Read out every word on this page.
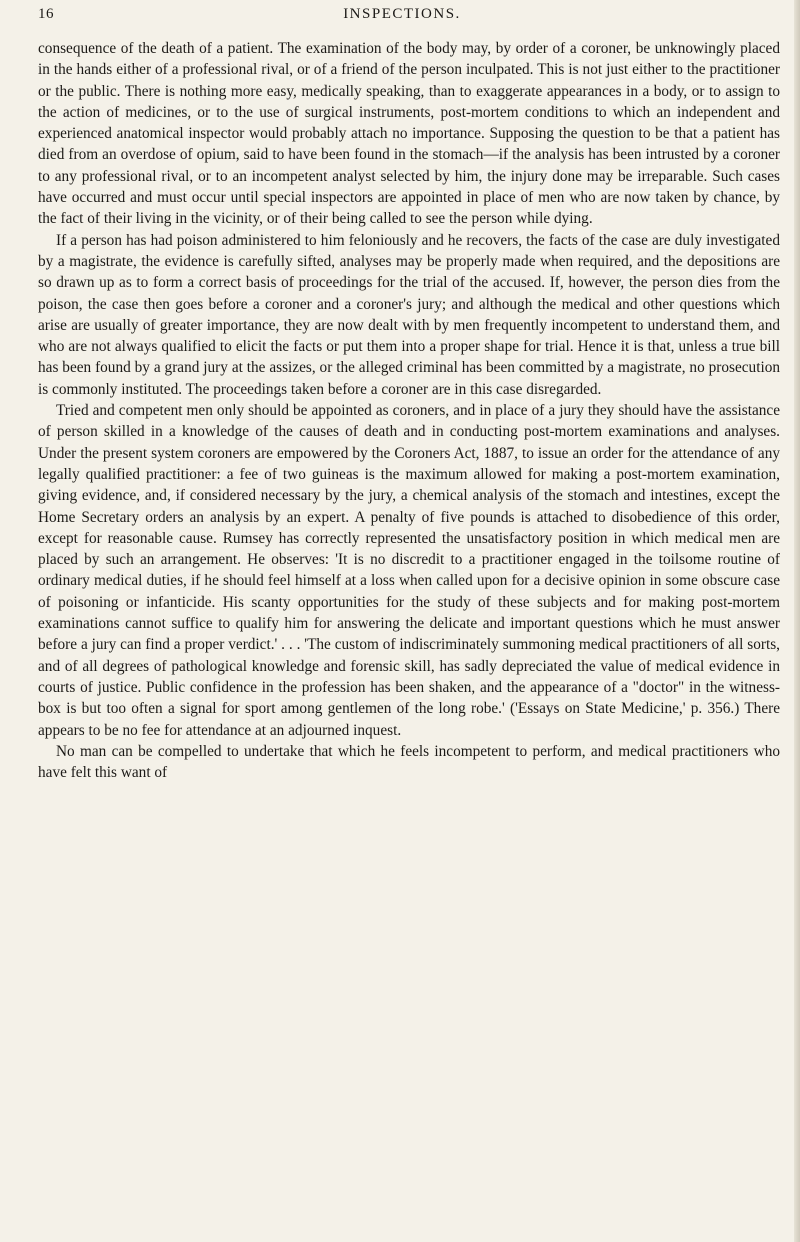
16	INSPECTIONS.

consequence of the death of a patient. The examination of the body may, by order of a coroner, be unknowingly placed in the hands either of a professional rival, or of a friend of the person inculpated. This is not just either to the practitioner or the public. There is nothing more easy, medically speaking, than to exaggerate appearances in a body, or to assign to the action of medicines, or to the use of surgical instruments, post-mortem conditions to which an independent and experienced anatomical inspector would probably attach no importance. Supposing the question to be that a patient has died from an overdose of opium, said to have been found in the stomach—if the analysis has been intrusted by a coroner to any professional rival, or to an incompetent analyst selected by him, the injury done may be irreparable. Such cases have occurred and must occur until special inspectors are appointed in place of men who are now taken by chance, by the fact of their living in the vicinity, or of their being called to see the person while dying.

If a person has had poison administered to him feloniously and he recovers, the facts of the case are duly investigated by a magistrate, the evidence is carefully sifted, analyses may be properly made when required, and the depositions are so drawn up as to form a correct basis of proceedings for the trial of the accused. If, however, the person dies from the poison, the case then goes before a coroner and a coroner's jury; and although the medical and other questions which arise are usually of greater importance, they are now dealt with by men frequently incompetent to understand them, and who are not always qualified to elicit the facts or put them into a proper shape for trial. Hence it is that, unless a true bill has been found by a grand jury at the assizes, or the alleged criminal has been committed by a magistrate, no prosecution is commonly instituted. The proceedings taken before a coroner are in this case disregarded.

Tried and competent men only should be appointed as coroners, and in place of a jury they should have the assistance of person skilled in a knowledge of the causes of death and in conducting post-mortem examinations and analyses. Under the present system coroners are empowered by the Coroners Act, 1887, to issue an order for the attendance of any legally qualified practitioner: a fee of two guineas is the maximum allowed for making a post-mortem examination, giving evidence, and, if considered necessary by the jury, a chemical analysis of the stomach and intestines, except the Home Secretary orders an analysis by an expert. A penalty of five pounds is attached to disobedience of this order, except for reasonable cause. Rumsey has correctly represented the unsatisfactory position in which medical men are placed by such an arrangement. He observes: 'It is no discredit to a practitioner engaged in the toilsome routine of ordinary medical duties, if he should feel himself at a loss when called upon for a decisive opinion in some obscure case of poisoning or infanticide. His scanty opportunities for the study of these subjects and for making post-mortem examinations cannot suffice to qualify him for answering the delicate and important questions which he must answer before a jury can find a proper verdict.' . . . 'The custom of indiscriminately summoning medical practitioners of all sorts, and of all degrees of pathological knowledge and forensic skill, has sadly depreciated the value of medical evidence in courts of justice. Public confidence in the profession has been shaken, and the appearance of a "doctor" in the witness-box is but too often a signal for sport among gentlemen of the long robe.' ('Essays on State Medicine,' p. 356.) There appears to be no fee for attendance at an adjourned inquest.

No man can be compelled to undertake that which he feels incompetent to perform, and medical practitioners who have felt this want of
